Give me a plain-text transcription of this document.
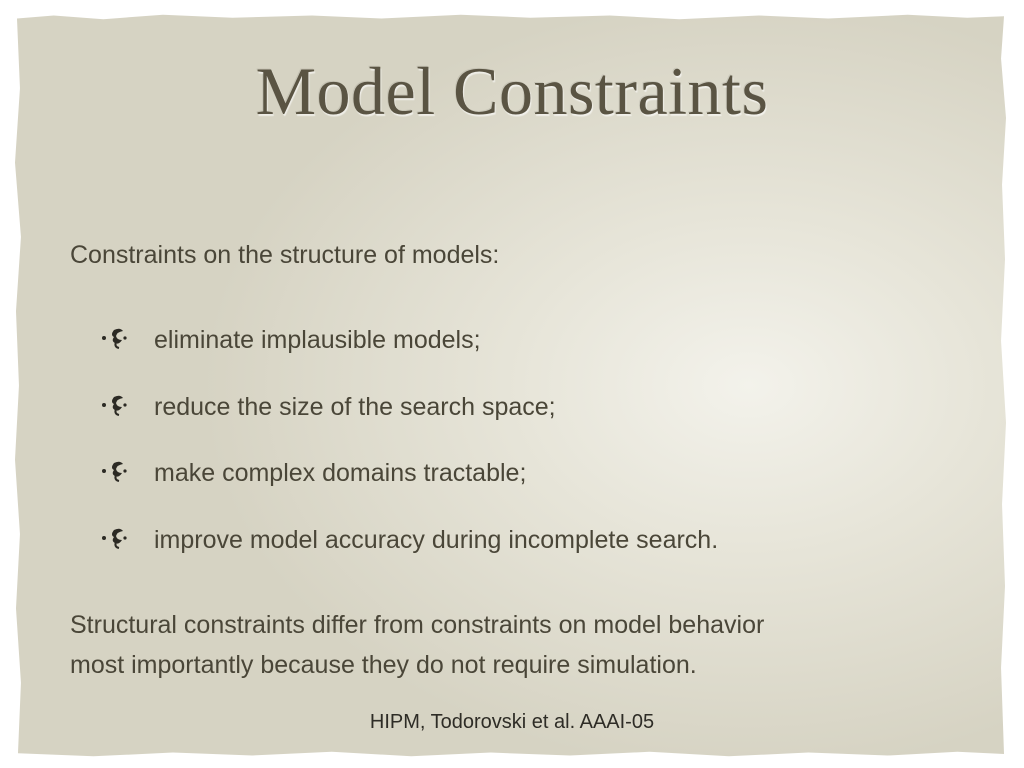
Model Constraints
Constraints on the structure of models:
eliminate implausible models;
reduce the size of the search space;
make complex domains tractable;
improve model accuracy during incomplete search.

Structural constraints differ from constraints on model behavior

most importantly because they do not require simulation.

HIPM, Todorovski et al. AAAI-05
